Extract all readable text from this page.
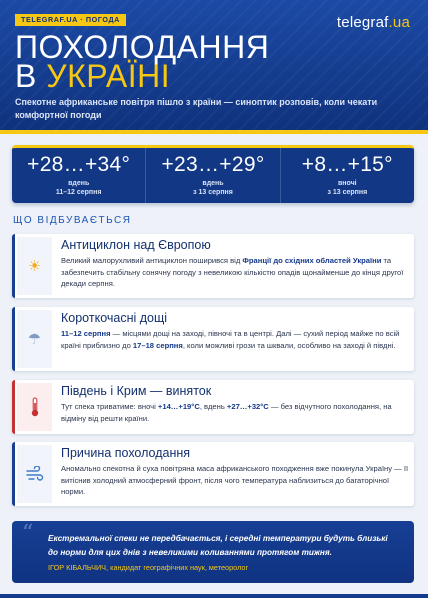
TELEGRAF.UA · ПОГОДА	telegraf.ua
ПОХОЛОДАННЯ
В УКРАЇНІ
Спекотне африканське повітря пішло з країни — синоптик розповів, коли чекати комфортної погоди
+28…+34°
вдень
11–12 серпня
+23…+29°
вдень
з 13 серпня
+8…+15°
вночі
з 13 серпня
ЩО ВІДБУВАЄТЬСЯ
☀
Антициклон над Європою
Великий малорухливий антициклон поширився від Франції до східних областей України та забезпечить стабільну сонячну погоду з невеликою кількістю опадів щонайменше до кінця другої декади серпня.
☂
Короткочасні дощі
11–12 серпня — місцями дощі на заході, півночі та в центрі. Далі — сухий період майже по всій країні приблизно до 17–18 серпня, коли можливі грози та шквали, особливо на заході й півдні.
Південь і Крим — виняток
Тут спека триватиме: вночі +14…+19°C, вдень +27…+32°C — без відчутного похолодання, на відміну від решти країни.
Причина похолодання
Аномально спекотна й суха повітряна маса африканського походження вже покинула Україну — її витіснив холодний атмосферний фронт, після чого температура наблизиться до багаторічної норми.
“ Екстремальної спеки не передбачається, і середні температури будуть близькі до норми для цих днів з невеликими коливаннями протягом тижня.
ІГОР КІБАЛЬЧИЧ, кандидат географічних наук, метеоролог
